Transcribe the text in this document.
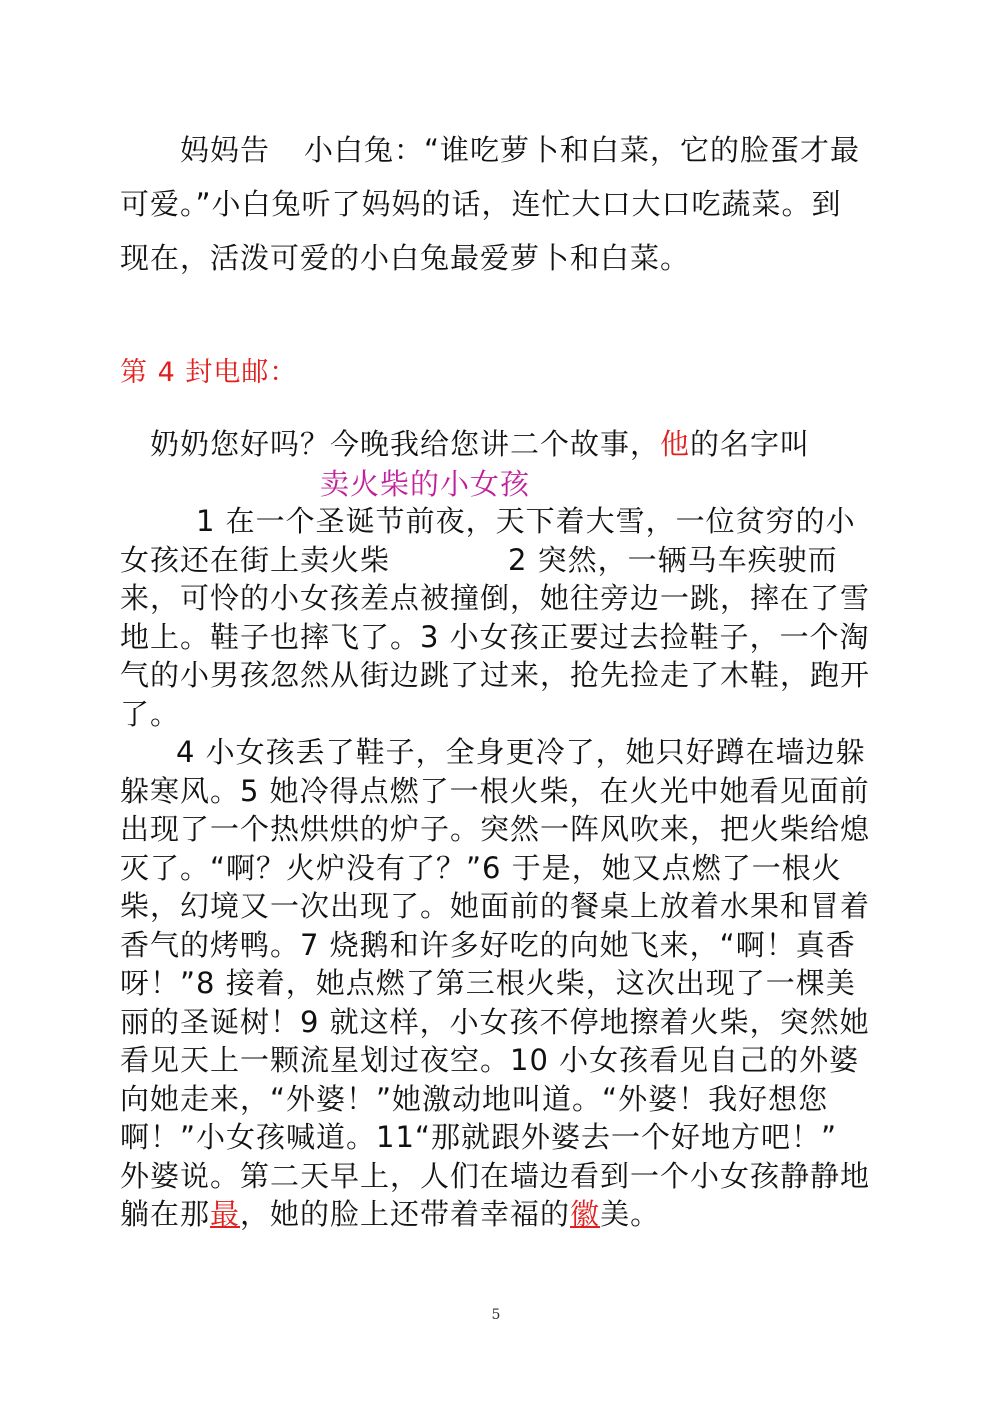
妈妈告 小白兔：“谁吃萝卜和白菜，它的脸蛋才最
可爱。”小白兔听了妈妈的话，连忙大口大口吃蔬菜。到
现在，活泼可爱的小白兔最爱萝卜和白菜。
第 4 封电邮：
奶奶您好吗？今晚我给您讲二个故事，他的名字叫
卖火柴的小女孩
1 在一个圣诞节前夜，天下着大雪，一位贫穷的小
女孩还在街上卖火柴	2 突然，一辆马车疾驶而
来，可怜的小女孩差点被撞倒，她往旁边一跳，摔在了雪
地上。鞋子也摔飞了。3 小女孩正要过去捡鞋子，一个淘
气的小男孩忽然从街边跳了过来，抢先捡走了木鞋，跑开
了。
4 小女孩丢了鞋子，全身更冷了，她只好蹲在墙边躲
躲寒风。5 她冷得点燃了一根火柴，在火光中她看见面前
出现了一个热烘烘的炉子。突然一阵风吹来，把火柴给熄
灭了。“啊？火炉没有了？”6 于是，她又点燃了一根火
柴，幻境又一次出现了。她面前的餐桌上放着水果和冒着
香气的烤鸭。7 烧鹅和许多好吃的向她飞来，“啊！真香
呀！”8 接着，她点燃了第三根火柴，这次出现了一棵美
丽的圣诞树！9 就这样，小女孩不停地擦着火柴，突然她
看见天上一颗流星划过夜空。10 小女孩看见自己的外婆
向她走来，“外婆！”她激动地叫道。“外婆！我好想您
啊！”小女孩喊道。11“那就跟外婆去一个好地方吧！”
外婆说。第二天早上，人们在墙边看到一个小女孩静静地
躺在那最，她的脸上还带着幸福的徽美。
5
